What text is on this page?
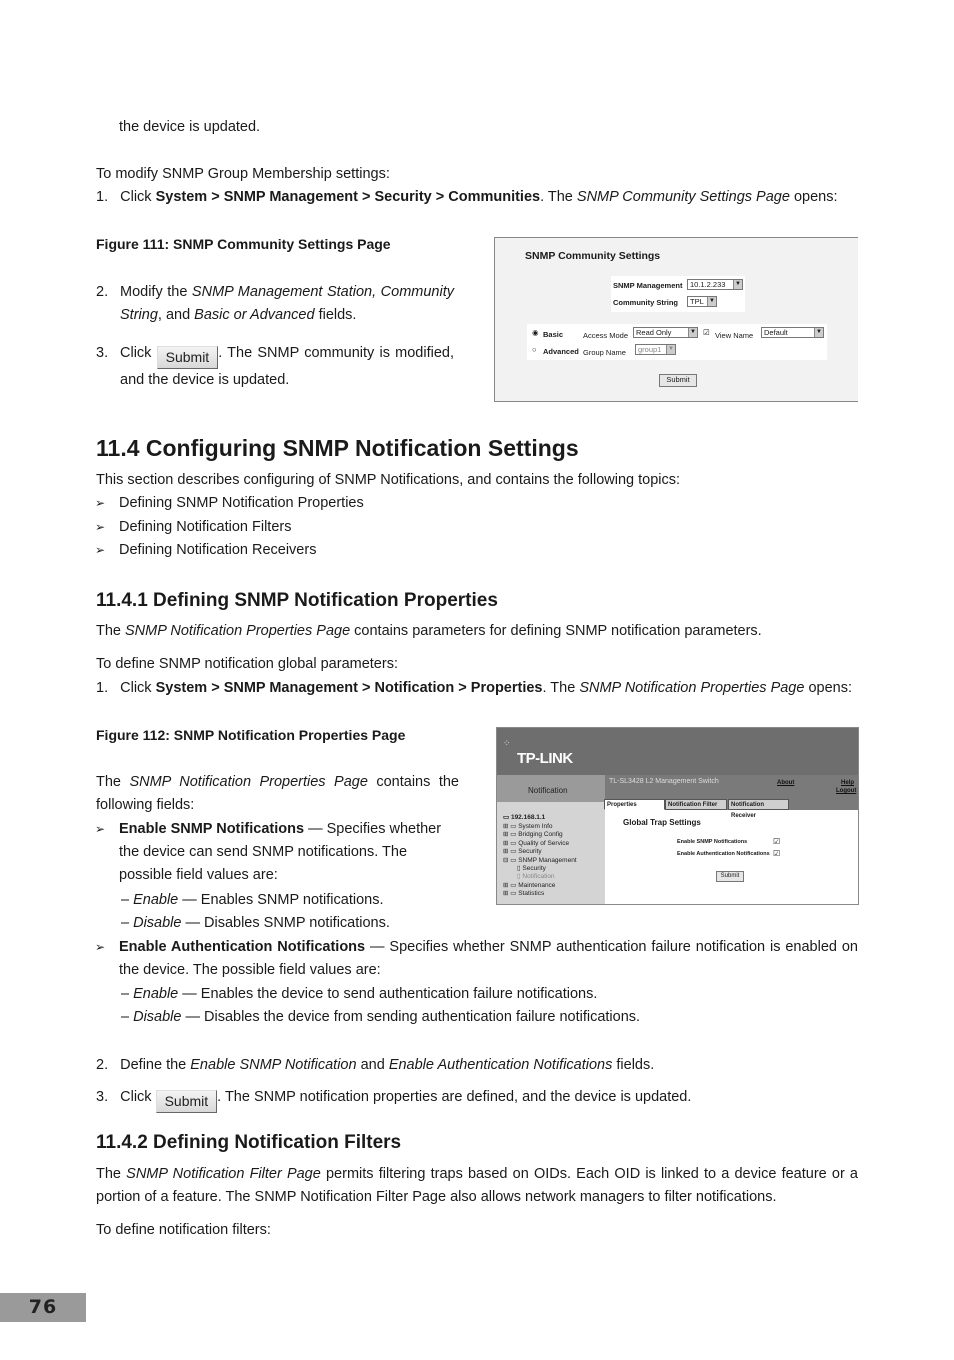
the device is updated.
To modify SNMP Group Membership settings:
1. Click System > SNMP Management > Security > Communities. The SNMP Community Settings Page opens:
Figure 111: SNMP Community Settings Page
2. Modify the SNMP Management Station, Community String, and Basic or Advanced fields.
3. Click Submit . The SNMP community is modified, and the device is updated.
SNMP Community Settings
SNMP Management	10.1.2.233	▼
Community String	TPL ▼
◉ Basic	Access Mode	Read Only	▼ ☑ View Name	Default	▼
○ Advanced Group Name	group1	▼
Submit
11.4 Configuring SNMP Notification Settings
This section describes configuring of SNMP Notifications, and contains the following topics:
➢ Defining SNMP Notification Properties
➢ Defining Notification Filters
➢ Defining Notification Receivers
11.4.1 Defining SNMP Notification Properties
The SNMP Notification Properties Page contains parameters for defining SNMP notification parameters.
To define SNMP notification global parameters:
1. Click System > SNMP Management > Notification > Properties. The SNMP Notification Properties Page opens:
Figure 112: SNMP Notification Properties Page
The SNMP Notification Properties Page contains the following fields:
➢ Enable SNMP Notifications — Specifies whether the device can send SNMP notifications. The possible field values are:
– Enable — Enables SNMP notifications.
– Disable — Disables SNMP notifications.
➢ Enable Authentication Notifications — Specifies whether SNMP authentication failure notification is enabled on the device. The possible field values are:
– Enable — Enables the device to send authentication failure notifications.
– Disable — Disables the device from sending authentication failure notifications.
2. Define the Enable SNMP Notification and Enable Authentication Notifications fields.
3. Click Submit . The SNMP notification properties are defined, and the device is updated.
⁘
TP-LINK
Notification
▭ 192.168.1.1
⊞ ▭ System Info
⊞ ▭ Bridging Config
⊞ ▭ Quality of Service
⊞ ▭ Security
⊟ ▭ SNMP Management
▯ Security
▯ Notification
⊞ ▭ Maintenance
⊞ ▭ Statistics
TL-SL3428 L2 Management Switch	About	Help
Logout
Properties	Notification Filter	Notification Receiver
Global Trap Settings
Enable SNMP Notifications	☑
Enable Authentication Notifications ☑
Submit
11.4.2 Defining Notification Filters
The SNMP Notification Filter Page permits filtering traps based on OIDs. Each OID is linked to a device feature or a portion of a feature. The SNMP Notification Filter Page also allows network managers to filter notifications.
To define notification filters:
76
